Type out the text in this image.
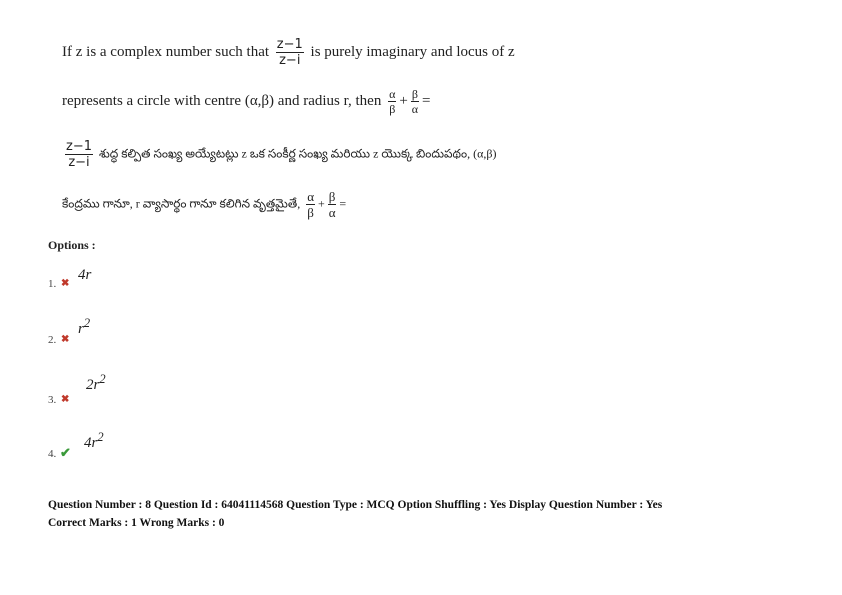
If z is a complex number such that $\frac{z-1}{z-i}$ is purely imaginary and locus of z
represents a circle with centre (α,β) and radius r, then $\frac{\alpha}{\beta} + \frac{\beta}{\alpha}$ =
$\frac{z-1}{z-i}$ శుద్ధ కల్పిత సంఖ్య అయ్యేటట్లు z ఒక సంకీర్ణ సంఖ్య మరియు z యొక్క బిందుపథం, (α,β)
కేంద్రము గానూ, r వ్యాసార్థం గానూ కలిగిన వృత్తమైతే, $\frac{\alpha}{\beta} + \frac{\beta}{\alpha}$ =
Options :
4r
1. ✖
$r^2$
2. ✖
$2r^2$
3. ✖
$4r^2$
4. ✔
Question Number : 8 Question Id : 64041114568 Question Type : MCQ Option Shuffling : Yes Display Question Number : Yes
Correct Marks : 1 Wrong Marks : 0
